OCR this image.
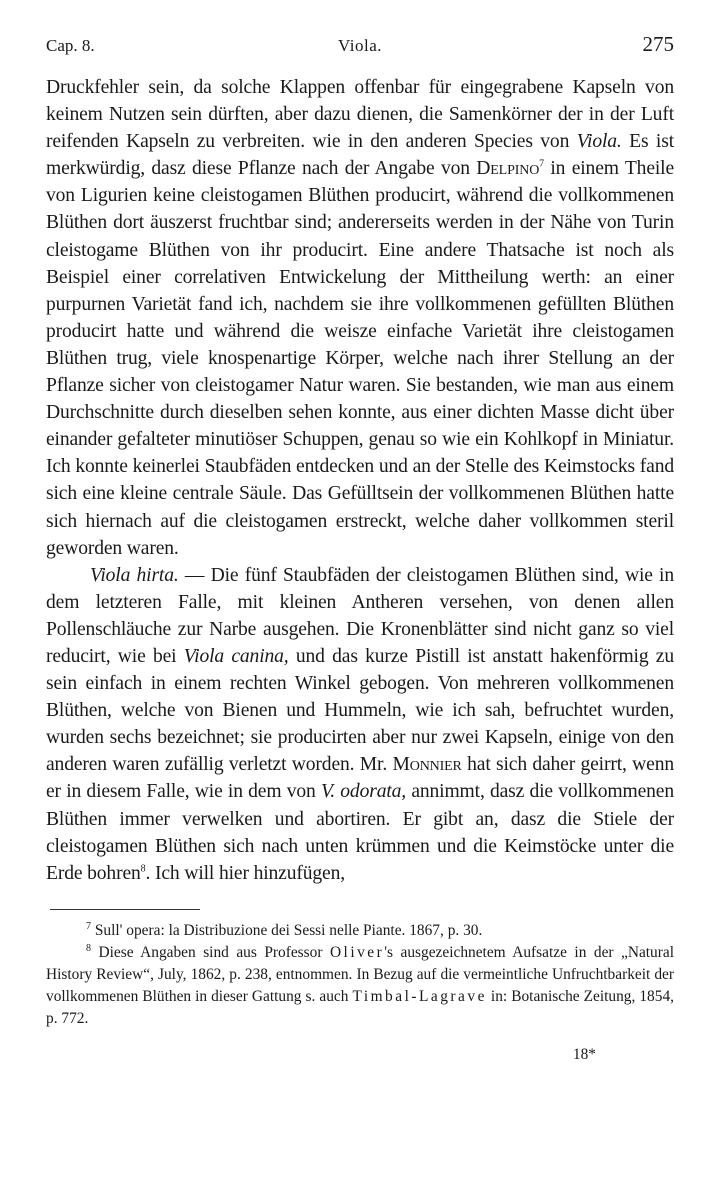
Cap. 8.	Viola.	275

Druckfehler sein, da solche Klappen offenbar für eingegrabene Kapseln von keinem Nutzen sein dürften, aber dazu dienen, die Samenkörner der in der Luft reifenden Kapseln zu verbreiten. wie in den anderen Species von Viola. Es ist merkwürdig, dasz diese Pflanze nach der Angabe von Delpino$^7$ in einem Theile von Ligurien keine cleistogamen Blüthen producirt, während die vollkommenen Blüthen dort äuszerst fruchtbar sind; andererseits werden in der Nähe von Turin cleistogame Blüthen von ihr producirt. Eine andere Thatsache ist noch als Beispiel einer correlativen Entwickelung der Mittheilung werth: an einer purpurnen Varietät fand ich, nachdem sie ihre vollkommenen gefüllten Blüthen producirt hatte und während die weisze einfache Varietät ihre cleistogamen Blüthen trug, viele knospenartige Körper, welche nach ihrer Stellung an der Pflanze sicher von cleistogamer Natur waren. Sie bestanden, wie man aus einem Durchschnitte durch dieselben sehen konnte, aus einer dichten Masse dicht über einander gefalteter minutiöser Schuppen, genau so wie ein Kohlkopf in Miniatur. Ich konnte keinerlei Staubfäden entdecken und an der Stelle des Keimstocks fand sich eine kleine centrale Säule. Das Gefülltsein der vollkommenen Blüthen hatte sich hiernach auf die cleistogamen erstreckt, welche daher vollkommen steril geworden waren.

Viola hirta. — Die fünf Staubfäden der cleistogamen Blüthen sind, wie in dem letzteren Falle, mit kleinen Antheren versehen, von denen allen Pollenschläuche zur Narbe ausgehen. Die Kronenblätter sind nicht ganz so viel reducirt, wie bei Viola canina, und das kurze Pistill ist anstatt hakenförmig zu sein einfach in einem rechten Winkel gebogen. Von mehreren vollkommenen Blüthen, welche von Bienen und Hummeln, wie ich sah, befruchtet wurden, wurden sechs bezeichnet; sie producirten aber nur zwei Kapseln, einige von den anderen waren zufällig verletzt worden. Mr. Monnier hat sich daher geirrt, wenn er in diesem Falle, wie in dem von V. odorata, annimmt, dasz die vollkommenen Blüthen immer verwelken und abortiren. Er gibt an, dasz die Stiele der cleistogamen Blüthen sich nach unten krümmen und die Keimstöcke unter die Erde bohren$^8$. Ich will hier hinzufügen,

$^7$ Sull' opera: la Distribuzione dei Sessi nelle Piante. 1867, p. 30.

$^8$ Diese Angaben sind aus Professor Oliver's ausgezeichnetem Aufsatze in der „Natural History Review“, July, 1862, p. 238, entnommen. In Bezug auf die vermeintliche Unfruchtbarkeit der vollkommenen Blüthen in dieser Gattung s. auch Timbal-Lagrave in: Botanische Zeitung, 1854, p. 772.

18*
